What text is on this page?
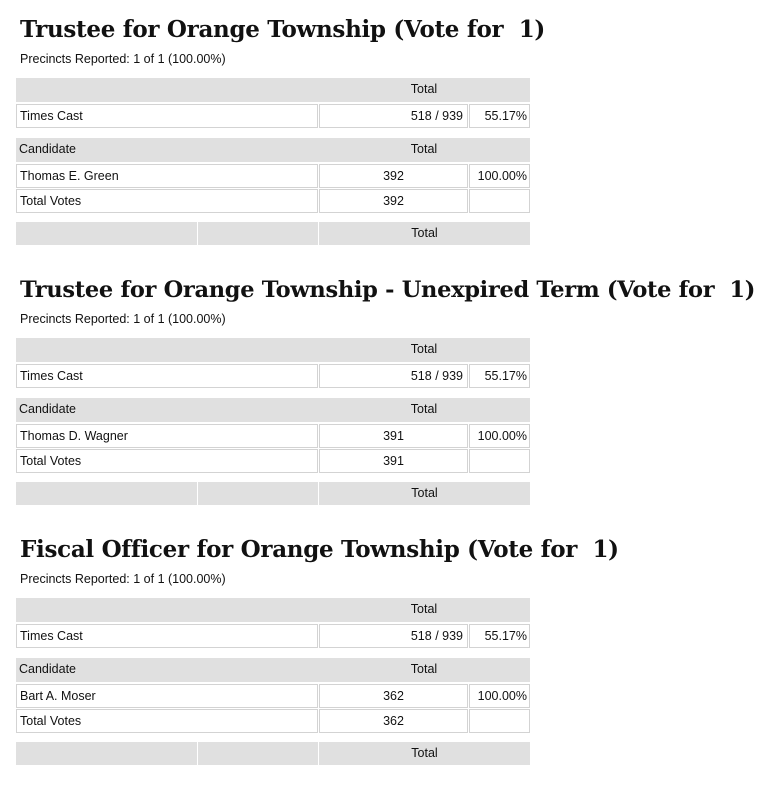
Trustee for Orange Township (Vote for  1)
Precincts Reported: 1 of 1 (100.00%)
Total
Times Cast	518 / 939	55.17%
Candidate	Total
Thomas E. Green	392	100.00%
Total Votes	392
Total
Trustee for Orange Township - Unexpired Term (Vote for  1)
Precincts Reported: 1 of 1 (100.00%)
Total
Times Cast	518 / 939	55.17%
Candidate	Total
Thomas D. Wagner	391	100.00%
Total Votes	391
Total
Fiscal Officer for Orange Township (Vote for  1)
Precincts Reported: 1 of 1 (100.00%)
Total
Times Cast	518 / 939	55.17%
Candidate	Total
Bart A. Moser	362	100.00%
Total Votes	362
Total
